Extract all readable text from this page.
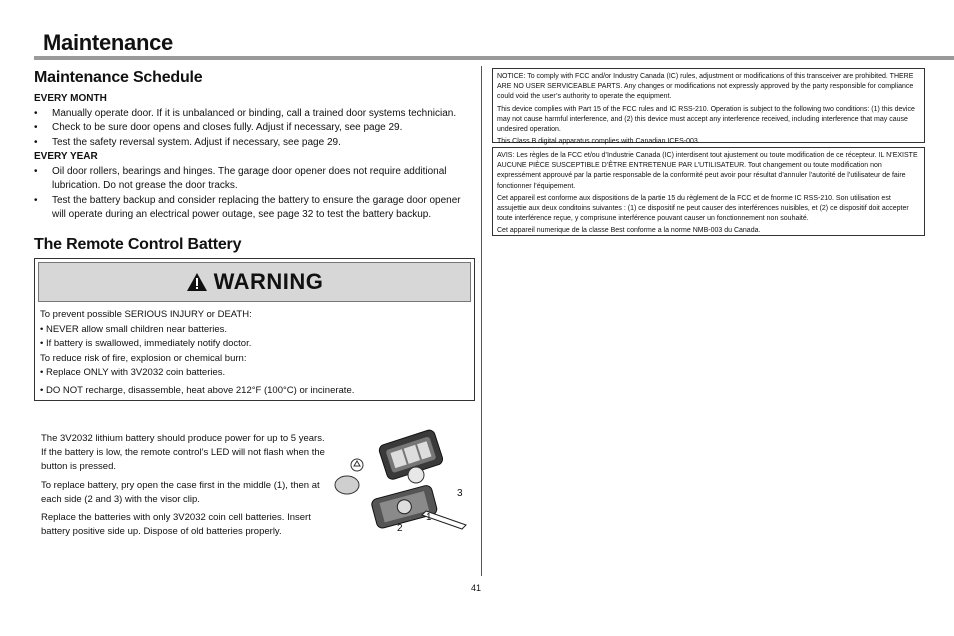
Maintenance
Maintenance Schedule
EVERY MONTH
• Manually operate door. If it is unbalanced or binding, call a trained door systems technician.
• Check to be sure door opens and closes fully. Adjust if necessary, see page 29.
• Test the safety reversal system. Adjust if necessary, see page 29.
EVERY YEAR
• Oil door rollers, bearings and hinges. The garage door opener does not require additional lubrication. Do not grease the door tracks.
• Test the battery backup and consider replacing the battery to ensure the garage door opener will operate during an electrical power outage, see page 32 to test the battery backup.
The Remote Control Battery
WARNING
To prevent possible SERIOUS INJURY or DEATH:
• NEVER allow small children near batteries.
• If battery is swallowed, immediately notify doctor.
To reduce risk of fire, explosion or chemical burn:
• Replace ONLY with 3V2032 coin batteries.
• DO NOT recharge, disassemble, heat above 212°F (100°C) or incinerate.

The 3V2032 lithium battery should produce power for up to 5 years. If the battery is low, the remote control’s LED will not flash when the button is pressed.

To replace battery, pry open the case first in the middle (1), then at each side (2 and 3) with the visor clip.

Replace the batteries with only 3V2032 coin cell batteries. Insert battery positive side up. Dispose of old batteries properly.

1
2
3

NOTICE: To comply with FCC and/or Industry Canada (IC) rules, adjustment or modifications of this transceiver are prohibited. THERE ARE NO USER SERVICEABLE PARTS. Any changes or modifications not expressly approved by the party responsible for compliance could void the user’s authority to operate the equipment.

This device complies with Part 15 of the FCC rules and IC RSS-210. Operation is subject to the following two conditions: (1) this device may not cause harmful interference, and (2) this device must accept any interference received, including interference that may cause undesired operation.

This Class B digital apparatus complies with Canadian ICES-003.

AVIS: Les règles de la FCC et/ou d’Industrie Canada (IC) interdisent tout ajustement ou toute modification de ce récepteur. IL N’EXISTE AUCUNE PIÈCE SUSCEPTIBLE D’ÊTRE ENTRETENUE PAR L’UTILISATEUR. Tout changement ou toute modification non expressément approuvé par la partie responsable de la conformité peut avoir pour résultat d’annuler l’autorité de l’utilisateur de faire fonctionner l’équipement.

Cet appareil est conforme aux dispositions de la partie 15 du règlement de la FCC et de fnorme IC RSS-210. Son utilisation est assujettie aux deux conditoins suivantes : (1) ce dispositif ne peut causer des interférences nuisibles, et (2) ce dispositif doit accepter toute interférence reçue, y comprisune interférence pouvant causer un fonctionnement non souhaité.

Cet appareil numerique de la classe Best conforme a la norme NMB-003 du Canada.

41
